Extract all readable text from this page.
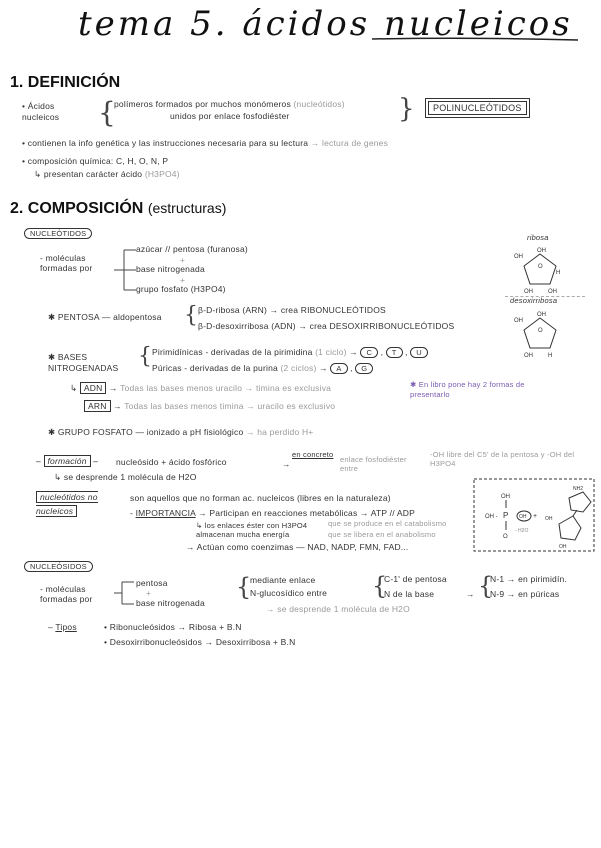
tema 5. ácidos nucleicos
1. DEFINICIÓN
• Ácidos nucleicos	{
polímeros formados por muchos monómeros (nucleótidos)
unidos por enlace fosfodiéster	}	POLINUCLEÓTIDOS
• contienen la info genética y las instrucciones necesaria para su lectura → lectura de genes
• composición química: C, H, O, N, P
↳ presentan carácter ácido (H3PO4)
2. COMPOSICIÓN (estructuras)
NUCLEÓTIDOS
- moléculas formadas por
azúcar // pentosa (furanosa)
+
base nitrogenada
+
grupo fosfato (H3PO4)
ribosa
OH
OH
O
OH	OH
H
desoxirribosa
OH
OH
O
OH	H
✱ PENTOSA — aldopentosa { β-D-ribosa (ARN) → crea RIBONUCLEÓTIDOS
β-D-desoxirribosa (ADN) → crea DESOXIRRIBONUCLEÓTIDOS
✱ BASES NITROGENADAS { Pirimidínicas - derivadas de la pirimidina (1 ciclo) → C , T , U
Púricas - derivadas de la purina (2 ciclos) → A , G
↳ ADN → Todas las bases menos uracilo → timina es exclusiva
ARN → Todas las bases menos timina → uracilo es exclusivo
✱ En libro pone hay 2 formas de presentarlo
✱ GRUPO FOSFATO — ionizado a pH fisiológico → ha perdido H+
– formación – nucleósido + ácido fosfórico
en concreto
→	enlace fosfodiéster entre
-OH libre del C5' de la pentosa y -OH del H3PO4
↳ se desprende 1 molécula de H2O
nucleótidos no nucleicos
son aquellos que no forman ac. nucleicos (libres en la naturaleza)
- IMPORTANCIA → Participan en reacciones metabólicas → ATP // ADP
↳ los enlaces éster con H3PO4 almacenan mucha energía
que se produce en el catabolismo
que se libera en el anabolismo
→ Actúan como coenzimas — NAD, NADP, FMN, FAD...
OH - P
OH
O
OH +
- H2O
NH2
OH
OH
NUCLEÓSIDOS
- moléculas formadas por
pentosa
+
base nitrogenada
{
mediante enlace
N-glucosídico entre {
C-1' de pentosa
N de la base	→ {
N-1 → en pirimidín.
N-9 → en púricas
→ se desprende 1 molécula de H2O
– Tipos	• Ribonucleósidos → Ribosa + B.N
• Desoxirribonucleósidos → Desoxirribosa + B.N
